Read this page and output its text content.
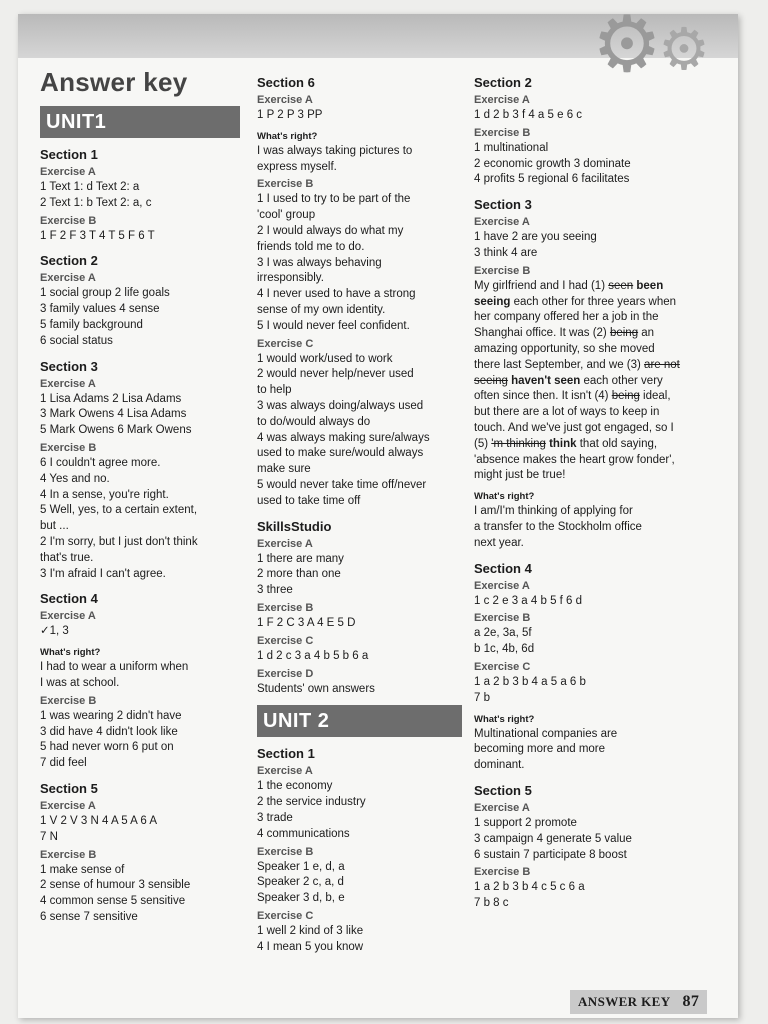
⚙
⚙
Answer key
UNIT1
Section 1
Exercise A
1 Text 1: d Text 2: a
2 Text 1: b Text 2: a, c
Exercise B
1 F 2 F 3 T 4 T 5 F 6 T
Section 2
Exercise A
1 social group 2 life goals
3 family values 4 sense
5 family background
6 social status
Section 3
Exercise A
1 Lisa Adams 2 Lisa Adams
3 Mark Owens 4 Lisa Adams
5 Mark Owens 6 Mark Owens
Exercise B
6 I couldn't agree more.
4 Yes and no.
4 In a sense, you're right.
5 Well, yes, to a certain extent,
but ...
2 I'm sorry, but I just don't think
that's true.
3 I'm afraid I can't agree.
Section 4
Exercise A
✓1, 3
What's right?
I had to wear a uniform when
I was at school.
Exercise B
1 was wearing 2 didn't have
3 did have 4 didn't look like
5 had never worn 6 put on
7 did feel
Section 5
Exercise A
1 V 2 V 3 N 4 A 5 A 6 A
7 N
Exercise B
1 make sense of
2 sense of humour 3 sensible
4 common sense 5 sensitive
6 sense 7 sensitive
Section 6
Exercise A
1 P 2 P 3 PP
What's right?
I was always taking pictures to
express myself.
Exercise B
1 I used to try to be part of the
'cool' group
2 I would always do what my
friends told me to do.
3 I was always behaving
irresponsibly.
4 I never used to have a strong
sense of my own identity.
5 I would never feel confident.
Exercise C
1 would work/used to work
2 would never help/never used
to help
3 was always doing/always used
to do/would always do
4 was always making sure/always
used to make sure/would always
make sure
5 would never take time off/never
used to take time off
SkillsStudio
Exercise A
1 there are many
2 more than one
3 three
Exercise B
1 F 2 C 3 A 4 E 5 D
Exercise C
1 d 2 c 3 a 4 b 5 b 6 a
Exercise D
Students' own answers
UNIT 2
Section 1
Exercise A
1 the economy
2 the service industry
3 trade
4 communications
Exercise B
Speaker 1 e, d, a
Speaker 2 c, a, d
Speaker 3 d, b, e
Exercise C
1 well 2 kind of 3 like
4 I mean 5 you know
Section 2
Exercise A
1 d 2 b 3 f 4 a 5 e 6 c
Exercise B
1 multinational
2 economic growth 3 dominate
4 profits 5 regional 6 facilitates
Section 3
Exercise A
1 have 2 are you seeing
3 think 4 are
Exercise B
My girlfriend and I had (1) seen been seeing each other for three years when her company offered her a job in the Shanghai office. It was (2) being an amazing opportunity, so she moved there last September, and we (3) are not seeing haven't seen each other very often since then. It isn't (4) being ideal, but there are a lot of ways to keep in touch. And we've just got engaged, so I (5) 'm thinking think that old saying, 'absence makes the heart grow fonder', might just be true!
What's right?
I am/I'm thinking of applying for
a transfer to the Stockholm office
next year.
Section 4
Exercise A
1 c 2 e 3 a 4 b 5 f 6 d
Exercise B
a 2e, 3a, 5f
b 1c, 4b, 6d
Exercise C
1 a 2 b 3 b 4 a 5 a 6 b
7 b
What's right?
Multinational companies are
becoming more and more
dominant.
Section 5
Exercise A
1 support 2 promote
3 campaign 4 generate 5 value
6 sustain 7 participate 8 boost
Exercise B
1 a 2 b 3 b 4 c 5 c 6 a
7 b 8 c
ANSWER KEY 87
